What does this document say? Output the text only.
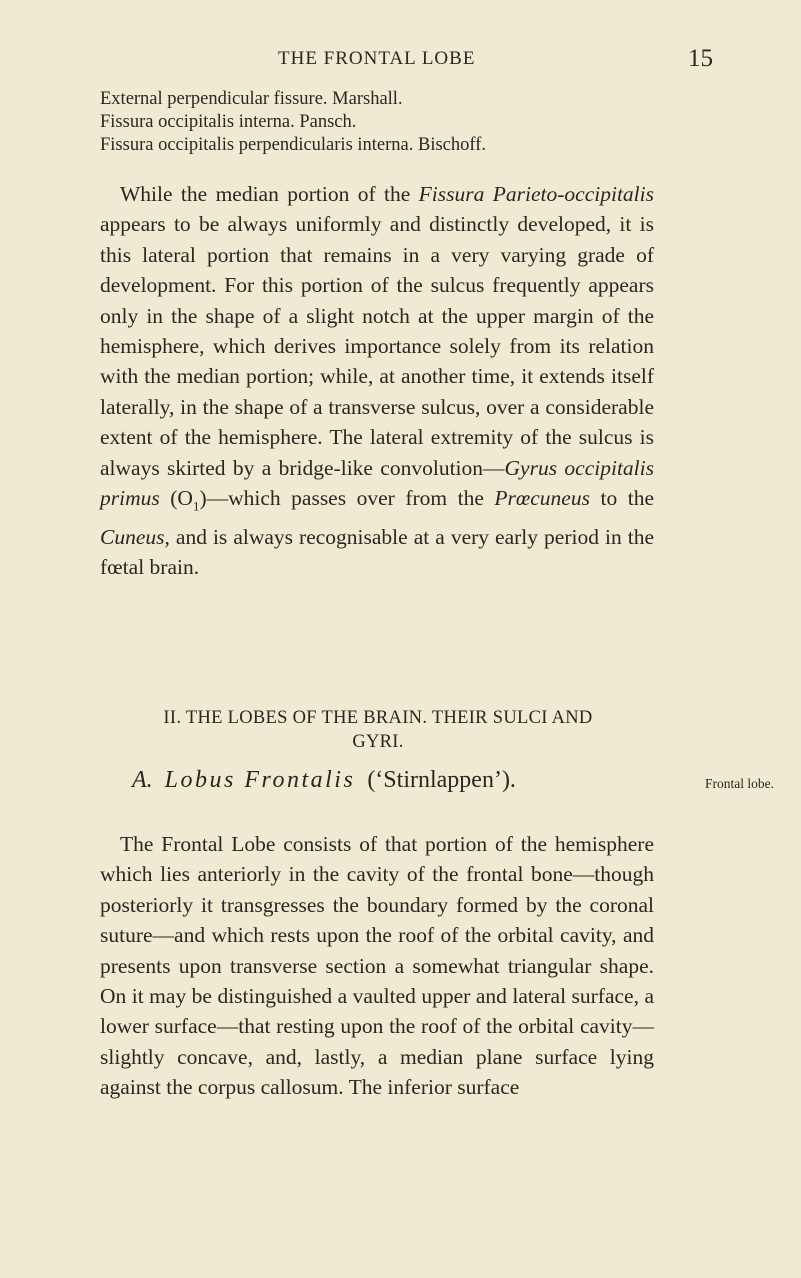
THE FRONTAL LOBE	15
External perpendicular fissure. Marshall.
Fissura occipitalis interna. Pansch.
Fissura occipitalis perpendicularis interna. Bischoff.

While the median portion of the Fissura Parieto-occipitalis appears to be always uniformly and distinctly developed, it is this lateral portion that remains in a very varying grade of development. For this portion of the sulcus frequently appears only in the shape of a slight notch at the upper margin of the hemisphere, which derives importance solely from its relation with the median portion; while, at another time, it extends itself laterally, in the shape of a transverse sulcus, over a considerable extent of the hemisphere. The lateral extremity of the sulcus is always skirted by a bridge-like convolution—Gyrus occipitalis primus $(O_1)—which$ passes over from the Prœcuneus to the Cuneus, and is always recognisable at a very early period in the fœtal brain.

II. THE LOBES OF THE BRAIN. THEIR SULCI AND
GYRI.
A. Lobus Frontalis (‘Stirnlappen’).	Frontal lobe.

The Frontal Lobe consists of that portion of the hemisphere which lies anteriorly in the cavity of the frontal bone—though posteriorly it transgresses the boundary formed by the coronal suture—and which rests upon the roof of the orbital cavity, and presents upon transverse section a somewhat triangular shape. On it may be distinguished a vaulted upper and lateral surface, a lower surface—that resting upon the roof of the orbital cavity— slightly concave, and, lastly, a median plane surface lying against the corpus callosum. The inferior surface
